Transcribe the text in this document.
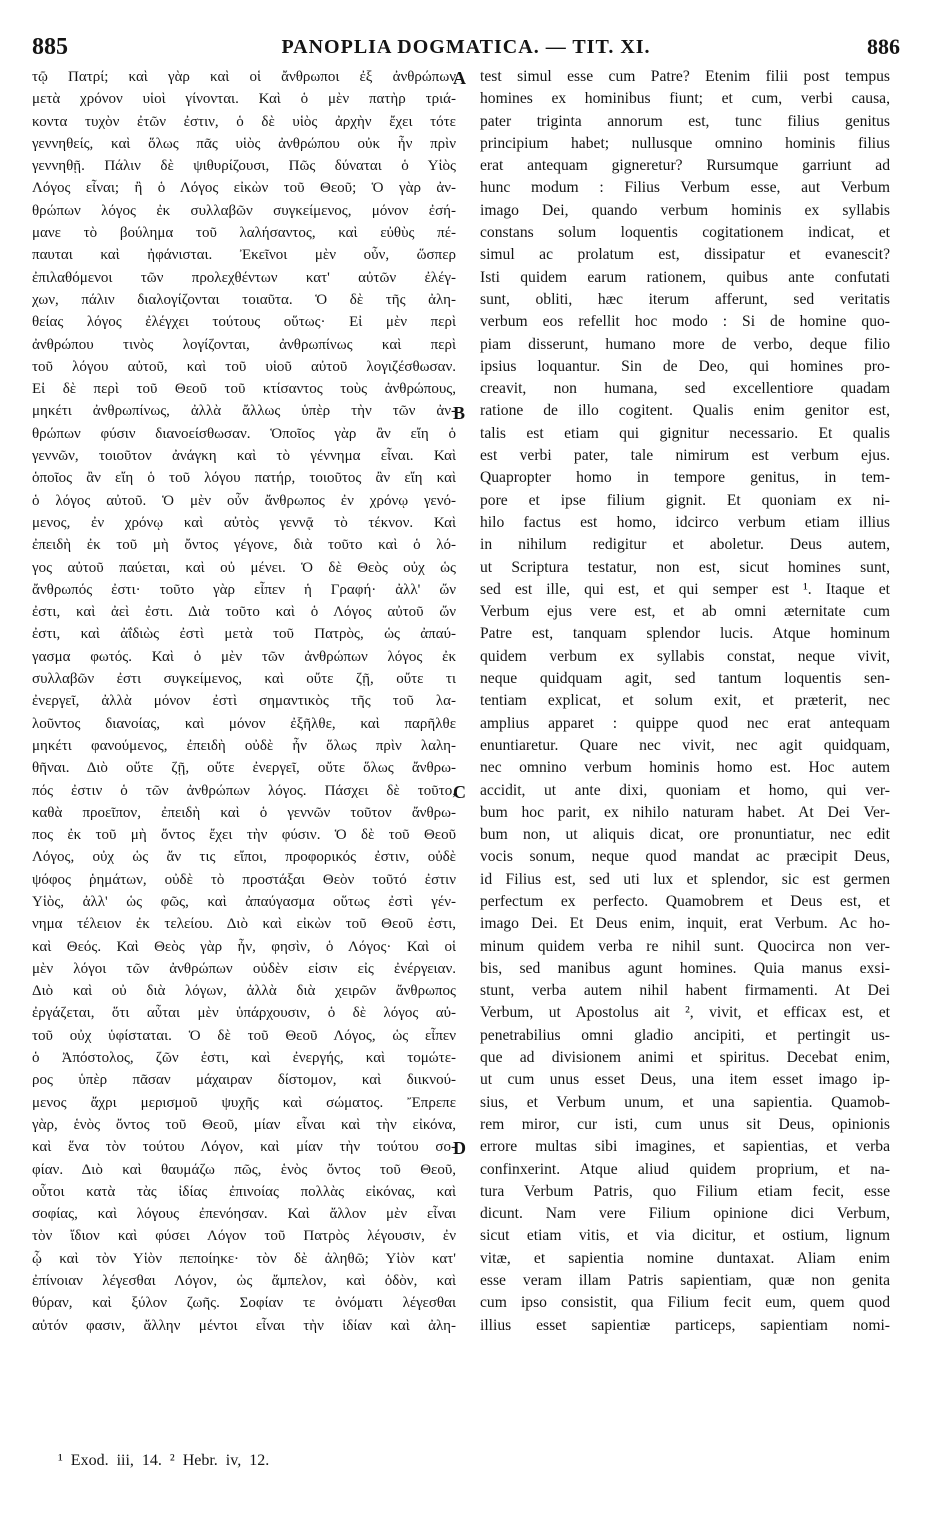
885	PANOPLIA DOGMATICA. — TIT. XI.	886
τῷ Πατρί; καὶ γὰρ καὶ οἱ ἄνθρωποι ἐξ ἀνθρώπων
μετὰ χρόνον υἱοὶ γίνονται. Καὶ ὁ μὲν πατὴρ τριά-
κοντα τυχὸν ἐτῶν ἐστιν, ὁ δὲ υἱὸς ἀρχὴν ἔχει τότε
γεννηθείς, καὶ ὅλως πᾶς υἱὸς ἀνθρώπου οὐκ ἦν πρὶν
γεννηθῇ. Πάλιν δὲ ψιθυρίζουσι, Πῶς δύναται ὁ Υἱὸς
Λόγος εἶναι; ἢ ὁ Λόγος εἰκὼν τοῦ Θεοῦ; Ὁ γὰρ ἀν-
θρώπων λόγος ἐκ συλλαβῶν συγκείμενος, μόνον ἐσή-
μανε τὸ βούλημα τοῦ λαλήσαντος, καὶ εὐθὺς πέ-
παυται καὶ ἠφάνισται. Ἐκεῖνοι μὲν οὖν, ὥσπερ
ἐπιλαθόμενοι τῶν προλεχθέντων κατ' αὐτῶν ἐλέγ-
χων, πάλιν διαλογίζονται τοιαῦτα. Ὁ δὲ τῆς ἀλη-
θείας λόγος ἐλέγχει τούτους οὕτως· Εἰ μὲν περὶ
ἀνθρώπου τινὸς λογίζονται, ἀνθρωπίνως καὶ περὶ
τοῦ λόγου αὐτοῦ, καὶ τοῦ υἱοῦ αὐτοῦ λογιζέσθωσαν.
Εἰ δὲ περὶ τοῦ Θεοῦ τοῦ κτίσαντος τοὺς ἀνθρώπους,
μηκέτι ἀνθρωπίνως, ἀλλὰ ἄλλως ὑπὲρ τὴν τῶν ἀν-
θρώπων φύσιν διανοείσθωσαν. Ὁποῖος γὰρ ἂν εἴη ὁ
γεννῶν, τοιοῦτον ἀνάγκη καὶ τὸ γέννημα εἶναι. Καὶ
ὁποῖος ἂν εἴη ὁ τοῦ λόγου πατήρ, τοιοῦτος ἂν εἴη καὶ
ὁ λόγος αὐτοῦ. Ὁ μὲν οὖν ἄνθρωπος ἐν χρόνῳ γενό-
μενος, ἐν χρόνῳ καὶ αὐτὸς γεννᾷ τὸ τέκνον. Καὶ
ἐπειδὴ ἐκ τοῦ μὴ ὄντος γέγονε, διὰ τοῦτο καὶ ὁ λό-
γος αὐτοῦ παύεται, καὶ οὐ μένει. Ὁ δὲ Θεὸς οὐχ ὡς
ἄνθρωπός ἐστι· τοῦτο γὰρ εἶπεν ἡ Γραφή· ἀλλ' ὤν
ἐστι, καὶ ἀεὶ ἐστι. Διὰ τοῦτο καὶ ὁ Λόγος αὐτοῦ ὤν
ἐστι, καὶ ἀΐδιὼς ἐστὶ μετὰ τοῦ Πατρὸς, ὡς ἀπαύ-
γασμα φωτός. Καὶ ὁ μὲν τῶν ἀνθρώπων λόγος ἐκ
συλλαβῶν ἐστι συγκείμενος, καὶ οὔτε ζῇ, οὔτε τι
ἐνεργεῖ, ἀλλὰ μόνον ἐστὶ σημαντικὸς τῆς τοῦ λα-
λοῦντος διανοίας, καὶ μόνον ἐξῆλθε, καὶ παρῆλθε
μηκέτι φανούμενος, ἐπειδὴ οὐδὲ ἦν ὅλως πρὶν λαλη-
θῆναι. Διὸ οὔτε ζῇ, οὔτε ἐνεργεῖ, οὔτε ὅλως ἄνθρω-
πός ἐστιν ὁ τῶν ἀνθρώπων λόγος. Πάσχει δὲ τοῦτο,
καθὰ προεῖπον, ἐπειδὴ καὶ ὁ γεννῶν τοῦτον ἄνθρω-
πος ἐκ τοῦ μὴ ὄντος ἔχει τὴν φύσιν. Ὁ δὲ τοῦ Θεοῦ
Λόγος, οὐχ ὡς ἄν τις εἴποι, προφορικός ἐστιν, οὐδὲ
ψόφος ῥημάτων, οὐδὲ τὸ προστάξαι Θεὸν τοῦτό ἐστιν
Υἱὸς, ἀλλ' ὡς φῶς, καὶ ἀπαύγασμα οὕτως ἐστὶ γέν-
νημα τέλειον ἐκ τελείου. Διὸ καὶ εἰκὼν τοῦ Θεοῦ ἐστι,
καὶ Θεός. Καὶ Θεὸς γὰρ ἦν, φησὶν, ὁ Λόγος· Καὶ οἱ
μὲν λόγοι τῶν ἀνθρώπων οὐδὲν εἰσιν εἰς ἐνέργειαν.
Διὸ καὶ οὐ διὰ λόγων, ἀλλὰ διὰ χειρῶν ἄνθρωπος
ἐργάζεται, ὅτι αὗται μὲν ὑπάρχουσιν, ὁ δὲ λόγος αὐ-
τοῦ οὐχ ὑφίσταται. Ὁ δὲ τοῦ Θεοῦ Λόγος, ὡς εἶπεν
ὁ Ἀπόστολος, ζῶν ἐστι, καὶ ἐνεργής, καὶ τομώτε-
ρος ὑπὲρ πᾶσαν μάχαιραν δίστομον, καὶ διικνού-
μενος ἄχρι μερισμοῦ ψυχῆς καὶ σώματος. Ἔπρεπε
γὰρ, ἑνὸς ὄντος τοῦ Θεοῦ, μίαν εἶναι καὶ τὴν εἰκόνα,
καὶ ἕνα τὸν τούτου Λόγον, καὶ μίαν τὴν τούτου σο-
φίαν. Διὸ καὶ θαυμάζω πῶς, ἑνὸς ὄντος τοῦ Θεοῦ,
οὗτοι κατὰ τὰς ἰδίας ἐπινοίας πολλὰς εἰκόνας, καὶ
σοφίας, καὶ λόγους ἐπενόησαν. Καὶ ἄλλον μὲν εἶναι
τὸν ἴδιον καὶ φύσει Λόγον τοῦ Πατρὸς λέγουσιν, ἐν
ᾧ καὶ τὸν Υἱὸν πεποίηκε· τὸν δὲ ἀληθῶ; Υἱὸν κατ'
ἐπίνοιαν λέγεσθαι Λόγον, ὡς ἄμπελον, καὶ ὁδὸν, καὶ
θύραν, καὶ ξύλον ζωῆς. Σοφίαν τε ὀνόματι λέγεσθαι
αὐτόν φασιν, ἄλλην μέντοι εἶναι τὴν ἰδίαν καὶ ἀλη-
test simul esse cum Patre? Etenim filii post tempus
homines ex hominibus fiunt; et cum, verbi causa,
pater triginta annorum est, tunc filius genitus
principium habet; nullusque omnino hominis filius
erat antequam gigneretur? Rursumque garriunt ad
hunc modum : Filius Verbum esse, aut Verbum
imago Dei, quando verbum hominis ex syllabis
constans solum loquentis cogitationem indicat, et
simul ac prolatum est, dissipatur et evanescit?
Isti quidem earum rationem, quibus ante confutati
sunt, obliti, hæc iterum afferunt, sed veritatis
verbum eos refellit hoc modo : Si de homine quo-
piam disserunt, humano more de verbo, deque filio
ipsius loquantur. Sin de Deo, qui homines pro-
creavit, non humana, sed excellentiore quadam
ratione de illo cogitent. Qualis enim genitor est,
talis est etiam qui gignitur necessario. Et qualis
est verbi pater, tale nimirum est verbum ejus.
Quapropter homo in tempore genitus, in tem-
pore et ipse filium gignit. Et quoniam ex ni-
hilo factus est homo, idcirco verbum etiam illius
in nihilum redigitur et aboletur. Deus autem,
ut Scriptura testatur, non est, sicut homines sunt,
sed est ille, qui est, et qui semper est ¹. Itaque et
Verbum ejus vere est, et ab omni æternitate cum
Patre est, tanquam splendor lucis. Atque hominum
quidem verbum ex syllabis constat, neque vivit,
neque quidquam agit, sed tantum loquentis sen-
tentiam explicat, et solum exit, et præterit, nec
amplius apparet : quippe quod nec erat antequam
enuntiaretur. Quare nec vivit, nec agit quidquam,
nec omnino verbum hominis homo est. Hoc autem
accidit, ut ante dixi, quoniam et homo, qui ver-
bum hoc parit, ex nihilo naturam habet. At Dei Ver-
bum non, ut aliquis dicat, ore pronuntiatur, nec edit
vocis sonum, neque quod mandat ac præcipit Deus,
id Filius est, sed uti lux et splendor, sic est germen
perfectum ex perfecto. Quamobrem et Deus est, et
imago Dei. Et Deus enim, inquit, erat Verbum. Ac ho-
minum quidem verba re nihil sunt. Quocirca non ver-
bis, sed manibus agunt homines. Quia manus exsi-
stunt, verba autem nihil habent firmamenti. At Dei
Verbum, ut Apostolus ait ², vivit, et efficax est, et
penetrabilius omni gladio ancipiti, et pertingit us-
que ad divisionem animi et spiritus. Decebat enim,
ut cum unus esset Deus, una item esset imago ip-
sius, et Verbum unum, et una sapientia. Quamob-
rem miror, cur isti, cum unus sit Deus, opinionis
errore multas sibi imagines, et sapientias, et verba
confinxerint. Atque aliud quidem proprium, et na-
tura Verbum Patris, quo Filium etiam fecit, esse
dicunt. Nam vere Filium opinione dici Verbum,
sicut etiam vitis, et via dicitur, et ostium, lignum
vitæ, et sapientia nomine duntaxat. Aliam enim
esse veram illam Patris sapientiam, quæ non genita
cum ipso consistit, qua Filium fecit eum, quem quod
illius esset sapientiæ particeps, sapientiam nomi-
A
B
C
D
¹ Exod. iii, 14. ² Hebr. iv, 12.
